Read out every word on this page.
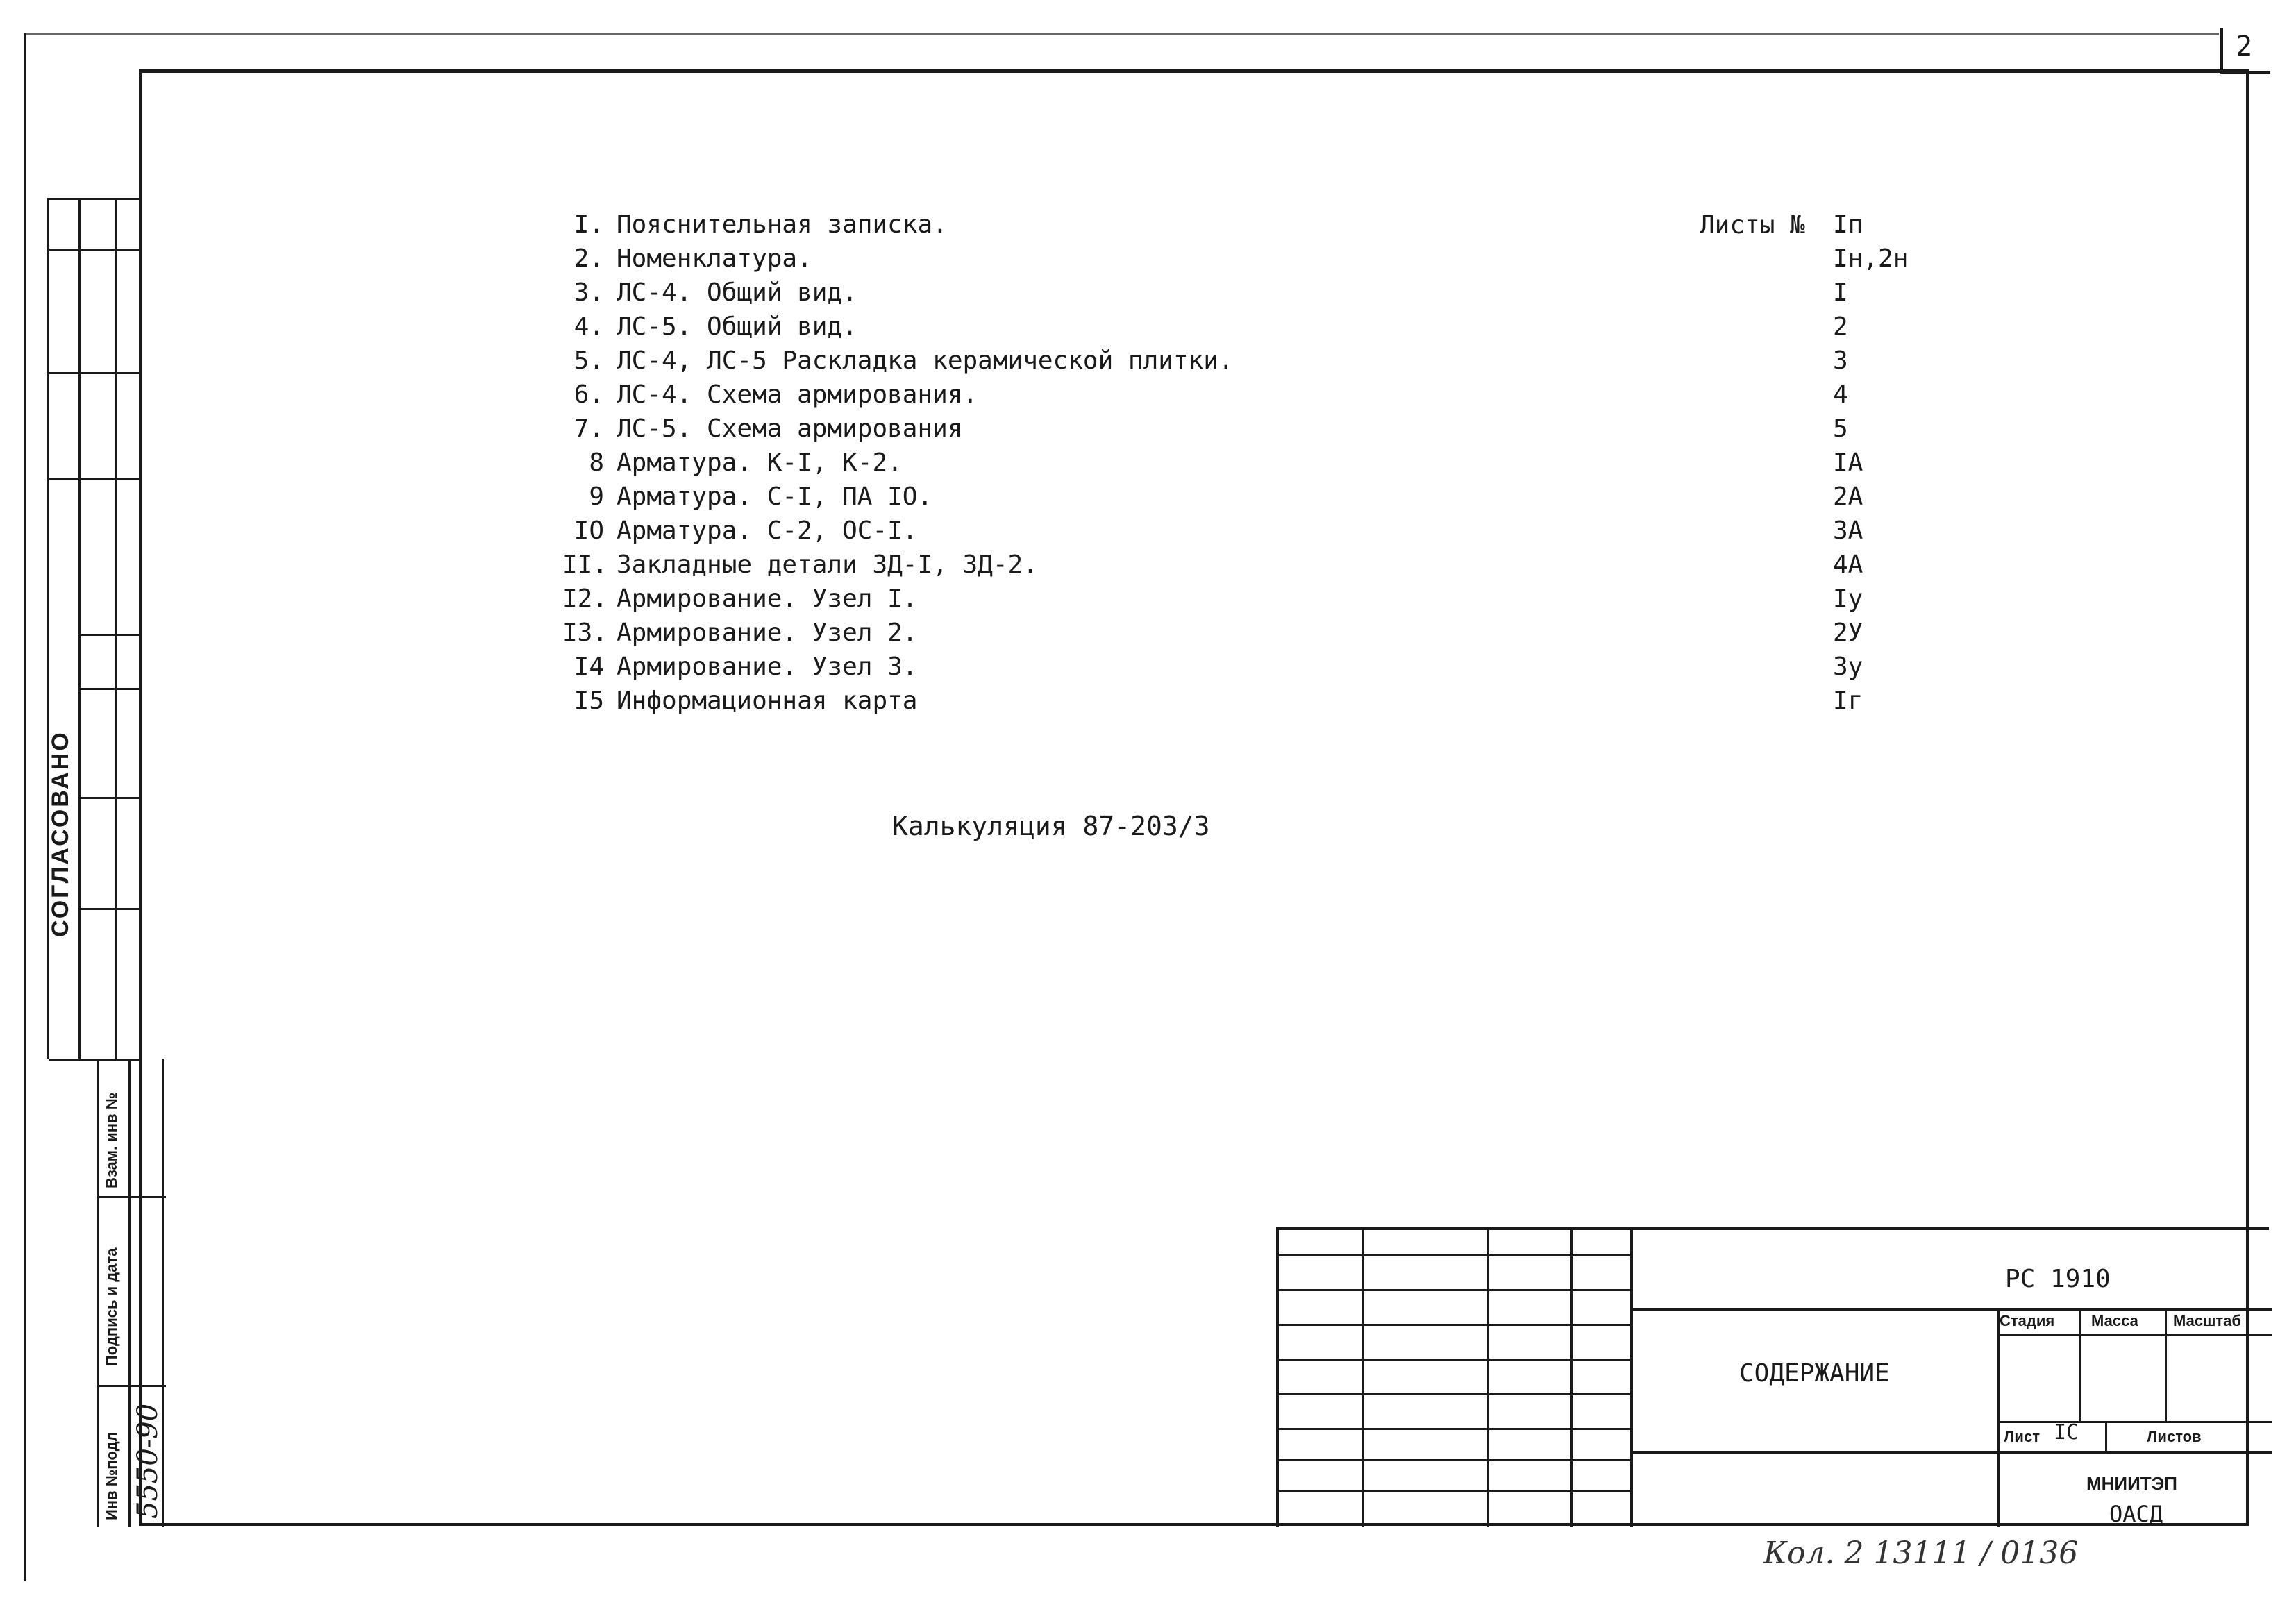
2
СОГЛАСОВАНО
Взам. инв №
Подпись и дата
Инв №подл 5550-90
Листы №
I. Пояснительная записка.	Iп
2. Номенклатура.	Iн,2н
3. ЛС-4. Общий вид.	I
4. ЛС-5. Общий вид.	2
5. ЛС-4, ЛС-5 Раскладка керамической плитки.	3
6. ЛС-4. Схема армирования.	4
7. ЛС-5. Схема армирования	5
8 Арматура. К-I, К-2.	IА
9 Арматура. С-I, ПА IO.	2А
IO Арматура. С-2, ОС-I.	3А
II. Закладные детали ЗД-I, ЗД-2.	4А
I2. Армирование. Узел I.	Iу
I3. Армирование. Узел 2.	2У
I4 Армирование. Узел 3.	3у
I5 Информационная карта	Iг
Калькуляция 87-203/3
РС 1910
СОДЕРЖАНИЕ
Стадия Масса Масштаб
Лист IС	Листов
МНИИТЭП
ОАСД
Кол. 2 13111 / 0136
